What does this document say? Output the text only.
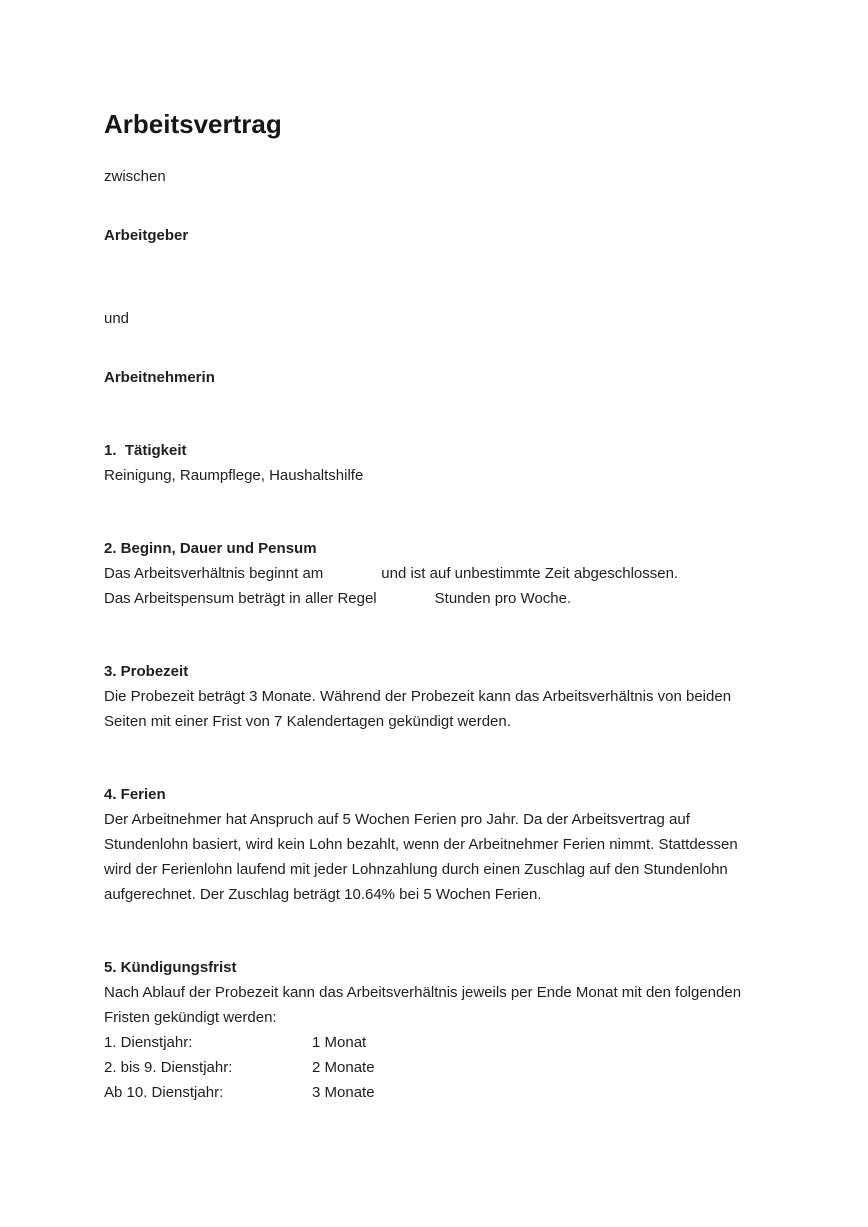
Arbeitsvertrag

zwischen

Arbeitgeber

und

Arbeitnehmerin

1.  Tätigkeit

Reinigung, Raumpflege, Haushaltshilfe

2. Beginn, Dauer und Pensum

Das Arbeitsverhältnis beginnt am	und ist auf unbestimmte Zeit abgeschlossen.

Das Arbeitspensum beträgt in aller Regel	Stunden pro Woche.

3. Probezeit

Die Probezeit beträgt 3 Monate. Während der Probezeit kann das Arbeitsverhältnis von beiden Seiten mit einer Frist von 7 Kalendertagen gekündigt werden.

4. Ferien

Der Arbeitnehmer hat Anspruch auf 5 Wochen Ferien pro Jahr. Da der Arbeitsvertrag auf Stundenlohn basiert, wird kein Lohn bezahlt, wenn der Arbeitnehmer Ferien nimmt. Stattdessen wird der Ferienlohn laufend mit jeder Lohnzahlung durch einen Zuschlag auf den Stundenlohn aufgerechnet. Der Zuschlag beträgt 10.64% bei 5 Wochen Ferien.

5. Kündigungsfrist

Nach Ablauf der Probezeit kann das Arbeitsverhältnis jeweils per Ende Monat mit den folgenden Fristen gekündigt werden:

1. Dienstjahr:	1 Monat
2. bis 9. Dienstjahr:	2 Monate
Ab 10. Dienstjahr:	3 Monate
